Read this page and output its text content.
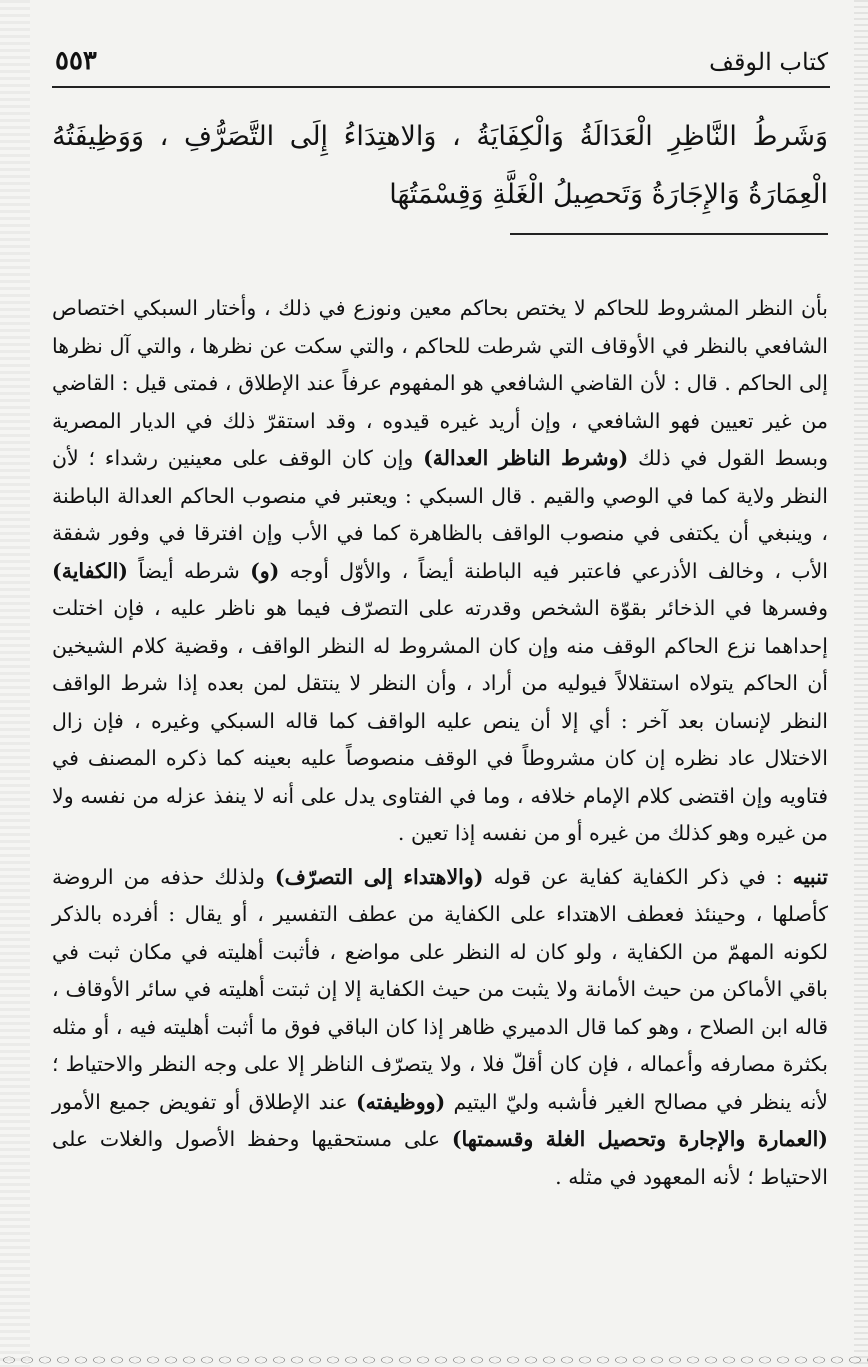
كتاب الوقف
٥٥٣

وَشَرطُ النَّاظِرِ الْعَدَالَةُ وَالْكِفَايَةُ ، وَالاهتِدَاءُ إِلَى التَّصَرُّفِ ، وَوَظِيفَتُهُ الْعِمَارَةُ وَالإِجَارَةُ وَتَحصِيلُ الْغَلَّةِ وَقِسْمَتُهَا

بأن النظر المشروط للحاكم لا يختص بحاكم معين ونوزع في ذلك ، وأختار السبكي اختصاص الشافعي بالنظر في الأوقاف التي شرطت للحاكم ، والتي سكت عن نظرها ، والتي آل نظرها إلى الحاكم . قال : لأن القاضي الشافعي هو المفهوم عرفاً عند الإطلاق ، فمتى قيل : القاضي من غير تعيين فهو الشافعي ، وإن أريد غيره قيدوه ، وقد استقرّ ذلك في الديار المصرية وبسط القول في ذلك (وشرط الناظر العدالة) وإن كان الوقف على معينين رشداء ؛ لأن النظر ولاية كما في الوصي والقيم . قال السبكي : ويعتبر في منصوب الحاكم العدالة الباطنة ، وينبغي أن يكتفى في منصوب الواقف بالظاهرة كما في الأب وإن افترقا في وفور شفقة الأب ، وخالف الأذرعي فاعتبر فيه الباطنة أيضاً ، والأوّل أوجه (و) شرطه أيضاً (الكفاية) وفسرها في الذخائر بقوّة الشخص وقدرته على التصرّف فيما هو ناظر عليه ، فإن اختلت إحداهما نزع الحاكم الوقف منه وإن كان المشروط له النظر الواقف ، وقضية كلام الشيخين أن الحاكم يتولاه استقلالاً فيوليه من أراد ، وأن النظر لا ينتقل لمن بعده إذا شرط الواقف النظر لإنسان بعد آخر : أي إلا أن ينص عليه الواقف كما قاله السبكي وغيره ، فإن زال الاختلال عاد نظره إن كان مشروطاً في الوقف منصوصاً عليه بعينه كما ذكره المصنف في فتاويه وإن اقتضى كلام الإمام خلافه ، وما في الفتاوى يدل على أنه لا ينفذ عزله من نفسه ولا من غيره وهو كذلك من غيره أو من نفسه إذا تعين .

تنبيه : في ذكر الكفاية كفاية عن قوله (والاهتداء إلى التصرّف) ولذلك حذفه من الروضة كأصلها ، وحينئذ فعطف الاهتداء على الكفاية من عطف التفسير ، أو يقال : أفرده بالذكر لكونه المهمّ من الكفاية ، ولو كان له النظر على مواضع ، فأثبت أهليته في مكان ثبت في باقي الأماكن من حيث الأمانة ولا يثبت من حيث الكفاية إلا إن ثبتت أهليته في سائر الأوقاف ، قاله ابن الصلاح ، وهو كما قال الدميري ظاهر إذا كان الباقي فوق ما أثبت أهليته فيه ، أو مثله بكثرة مصارفه وأعماله ، فإن كان أقلّ فلا ، ولا يتصرّف الناظر إلا على وجه النظر والاحتياط ؛ لأنه ينظر في مصالح الغير فأشبه وليّ اليتيم (ووظيفته) عند الإطلاق أو تفويض جميع الأمور (العمارة والإجارة وتحصيل الغلة وقسمتها) على مستحقيها وحفظ الأصول والغلات على الاحتياط ؛ لأنه المعهود في مثله .
